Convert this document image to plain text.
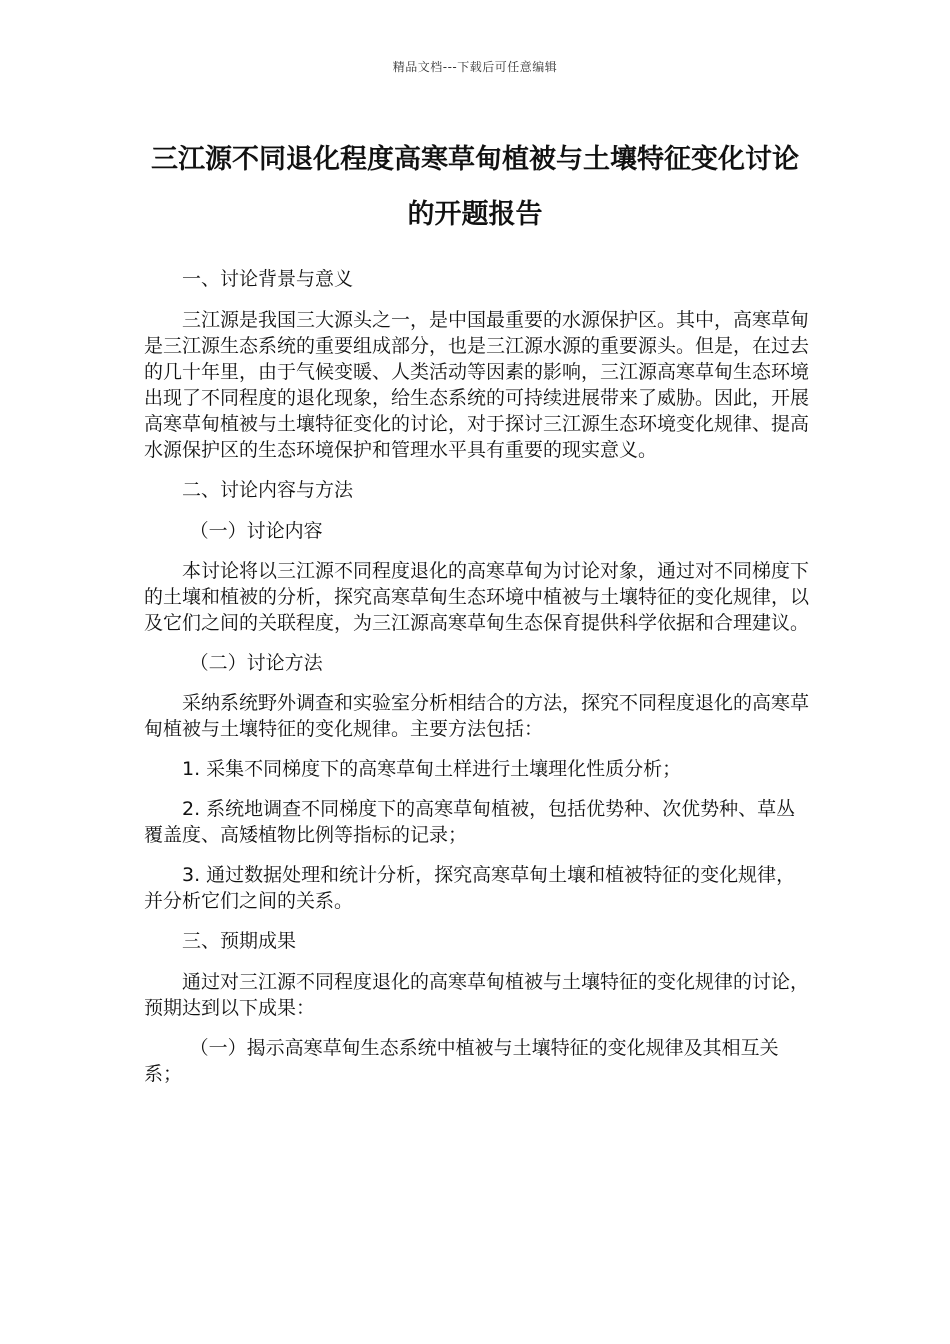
精品文档---下载后可任意编辑
三江源不同退化程度高寒草甸植被与土壤特征变化讨论的开题报告

一、讨论背景与意义

三江源是我国三大源头之一，是中国最重要的水源保护区。其中，高寒草甸是三江源生态系统的重要组成部分，也是三江源水源的重要源头。但是，在过去的几十年里，由于气候变暖、人类活动等因素的影响，三江源高寒草甸生态环境出现了不同程度的退化现象，给生态系统的可持续进展带来了威胁。因此，开展高寒草甸植被与土壤特征变化的讨论，对于探讨三江源生态环境变化规律、提高水源保护区的生态环境保护和管理水平具有重要的现实意义。

二、讨论内容与方法

（一）讨论内容

本讨论将以三江源不同程度退化的高寒草甸为讨论对象，通过对不同梯度下的土壤和植被的分析，探究高寒草甸生态环境中植被与土壤特征的变化规律，以及它们之间的关联程度，为三江源高寒草甸生态保育提供科学依据和合理建议。

（二）讨论方法

采纳系统野外调查和实验室分析相结合的方法，探究不同程度退化的高寒草甸植被与土壤特征的变化规律。主要方法包括：

1. 采集不同梯度下的高寒草甸土样进行土壤理化性质分析；

2. 系统地调查不同梯度下的高寒草甸植被，包括优势种、次优势种、草丛覆盖度、高矮植物比例等指标的记录；

3. 通过数据处理和统计分析，探究高寒草甸土壤和植被特征的变化规律，并分析它们之间的关系。

三、预期成果

通过对三江源不同程度退化的高寒草甸植被与土壤特征的变化规律的讨论，预期达到以下成果：

（一）揭示高寒草甸生态系统中植被与土壤特征的变化规律及其相互关系；
